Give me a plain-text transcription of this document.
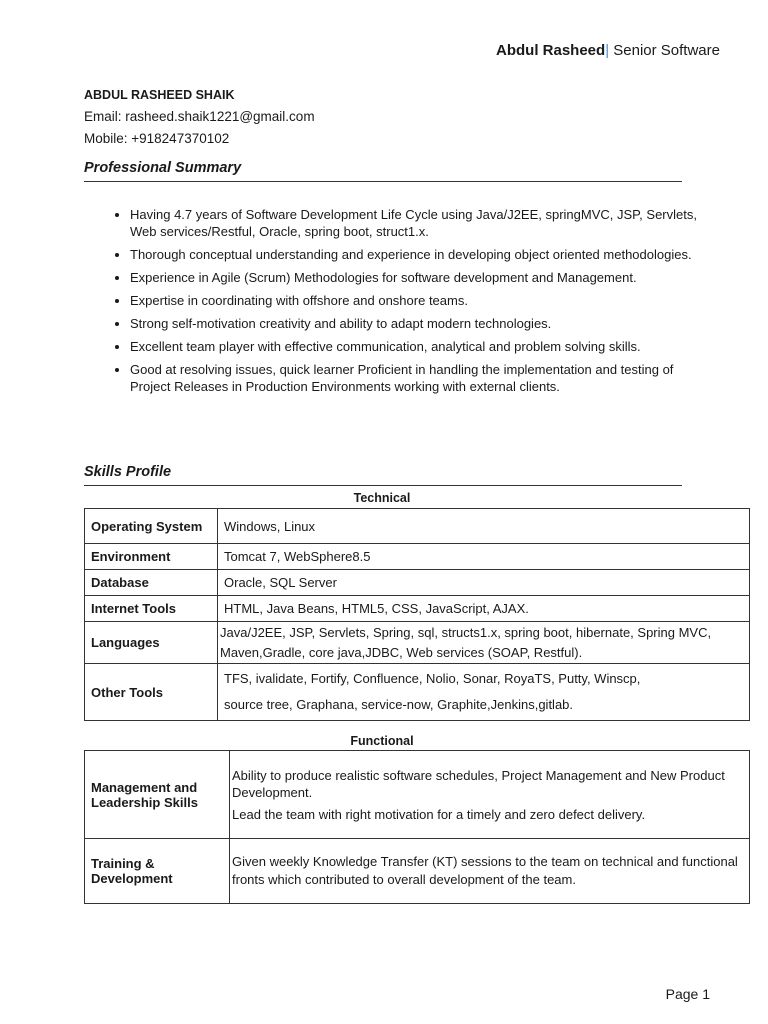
Abdul Rasheed| Senior Software
ABDUL RASHEED SHAIK
Email: rasheed.shaik1221@gmail.com
Mobile: +918247370102
Professional Summary
• Having 4.7 years of Software Development Life Cycle using Java/J2EE, springMVC, JSP, Servlets, Web services/Restful, Oracle, spring boot, struct1.x.
• Thorough conceptual understanding and experience in developing object oriented methodologies.
• Experience in Agile (Scrum) Methodologies for software development and Management.
• Expertise in coordinating with offshore and onshore teams.
• Strong self-motivation creativity and ability to adapt modern technologies.
• Excellent team player with effective communication, analytical and problem solving skills.
• Good at resolving issues, quick learner Proficient in handling the implementation and testing of Project Releases in Production Environments working with external clients.
Skills Profile
Technical
Operating System	Windows, Linux
Environment	Tomcat 7, WebSphere8.5
Database	Oracle, SQL Server
Internet Tools	HTML, Java Beans, HTML5, CSS, JavaScript, AJAX.
Languages	Java/J2EE, JSP, Servlets, Spring, sql, structs1.x, spring boot, hibernate, Spring MVC, Maven,Gradle, core java,JDBC, Web services (SOAP, Restful).
Other Tools	TFS, ivalidate, Fortify, Confluence, Nolio, Sonar, RoyaTS, Putty, Winscp,
source tree, Graphana, service-now, Graphite,Jenkins,gitlab.
Functional
Management and Leadership Skills	Ability to produce realistic software schedules, Project Management and New Product Development.
Lead the team with right motivation for a timely and zero defect delivery.

Training & Development	Given weekly Knowledge Transfer (KT) sessions to the team on technical and functional fronts which contributed to overall development of the team.
Page 1
